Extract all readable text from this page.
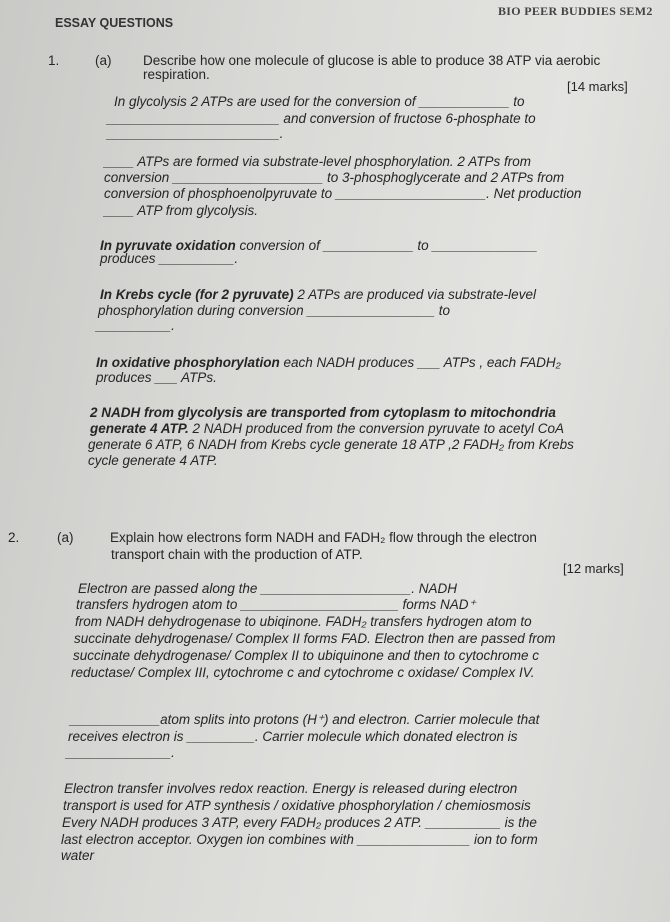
BIO PEER BUDDIES SEM2
ESSAY QUESTIONS
1.	(a) Describe how one molecule of glucose is able to produce 38 ATP via aerobic
respiration.
[14 marks]
In glycolysis 2 ATPs are used for the conversion of ____________ to
_______________________ and conversion of fructose 6-phosphate to
_______________________.
____ ATPs are formed via substrate-level phosphorylation. 2 ATPs from
conversion ____________________ to 3-phosphoglycerate and 2 ATPs from
conversion of phosphoenolpyruvate to ____________________. Net production
____ ATP from glycolysis.
In pyruvate oxidation conversion of ____________ to ______________
produces __________.
In Krebs cycle (for 2 pyruvate) 2 ATPs are produced via substrate-level
phosphorylation during conversion _________________ to
__________.
In oxidative phosphorylation each NADH produces ___ ATPs , each FADH₂
produces ___ ATPs.
2 NADH from glycolysis are transported from cytoplasm to mitochondria
generate 4 ATP. 2 NADH produced from the conversion pyruvate to acetyl CoA
generate 6 ATP, 6 NADH from Krebs cycle generate 18 ATP ,2 FADH₂ from Krebs
cycle generate 4 ATP.
2.	(a)	Explain how electrons form NADH and FADH₂ flow through the electron
transport chain with the production of ATP.
[12 marks]
Electron are passed along the ____________________. NADH
transfers hydrogen atom to _____________________ forms NAD⁺
from NADH dehydrogenase to ubiqinone. FADH₂ transfers hydrogen atom to
succinate dehydrogenase/ Complex II forms FAD. Electron then are passed from
succinate dehydrogenase/ Complex II to ubiquinone and then to cytochrome c
reductase/ Complex III, cytochrome c and cytochrome c oxidase/ Complex IV.
____________atom splits into protons (H⁺) and electron. Carrier molecule that
receives electron is _________. Carrier molecule which donated electron is
______________.
Electron transfer involves redox reaction. Energy is released during electron
transport is used for ATP synthesis / oxidative phosphorylation / chemiosmosis
Every NADH produces 3 ATP, every FADH₂ produces 2 ATP. __________ is the
last electron acceptor. Oxygen ion combines with _______________ ion to form
water
